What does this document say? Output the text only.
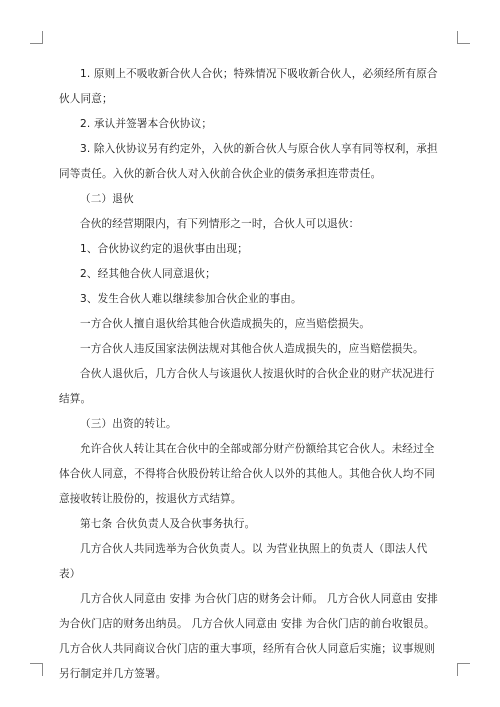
1. 原则上不吸收新合伙人合伙；特殊情况下吸收新合伙人，必须经所有原合伙人同意；

2. 承认并签署本合伙协议；

3. 除入伙协议另有约定外，入伙的新合伙人与原合伙人享有同等权利，承担同等责任。入伙的新合伙人对入伙前合伙企业的债务承担连带责任。

（二）退伙

合伙的经营期限内，有下列情形之一时，合伙人可以退伙：

1、合伙协议约定的退伙事由出现；

2、经其他合伙人同意退伙；

3、发生合伙人难以继续参加合伙企业的事由。

一方合伙人擅自退伙给其他合伙造成损失的，应当赔偿损失。

一方合伙人违反国家法例法规对其他合伙人造成损失的，应当赔偿损失。

合伙人退伙后，几方合伙人与该退伙人按退伙时的合伙企业的财产状况进行结算。

（三）出资的转让。

允许合伙人转让其在合伙中的全部或部分财产份额给其它合伙人。未经过全体合伙人同意，不得将合伙股份转让给合伙人以外的其他人。其他合伙人均不同意接收转让股份的，按退伙方式结算。

第七条 合伙负责人及合伙事务执行。

几方合伙人共同选举为合伙负责人。以 为营业执照上的负责人（即法人代表）

几方合伙人同意由 安排 为合伙门店的财务会计师。 几方合伙人同意由 安排 为合伙门店的财务出纳员。 几方合伙人同意由 安排 为合伙门店的前台收银员。 几方合伙人共同商议合伙门店的重大事项，经所有合伙人同意后实施；议事规则另行制定并几方签署。
